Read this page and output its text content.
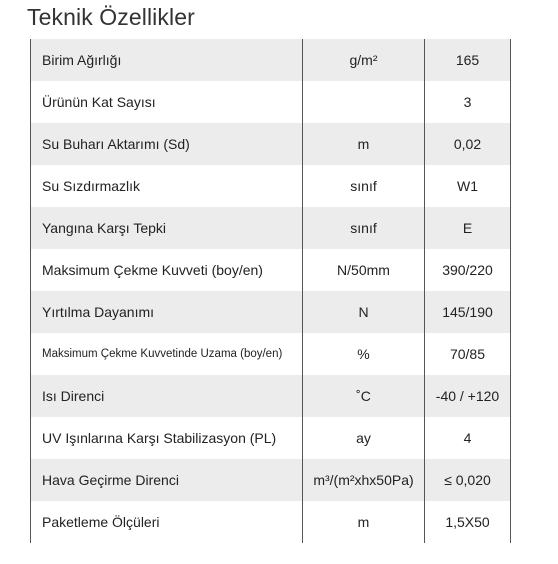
Teknik Özellikler
Birim Ağırlığı	g/m²	165
Ürünün Kat Sayısı		3
Su Buharı Aktarımı (Sd)	m	0,02
Su Sızdırmazlık	sınıf	W1
Yangına Karşı Tepki	sınıf	E
Maksimum Çekme Kuvveti (boy/en)	N/50mm	390/220
Yırtılma Dayanımı	N	145/190
Maksimum Çekme Kuvvetinde Uzama (boy/en)	%	70/85
Isı Direnci	˚C	-40 / +120
UV Işınlarına Karşı Stabilizasyon (PL)	ay	4
Hava Geçirme Direnci	m³/(m²xhx50Pa)	≤ 0,020
Paketleme Ölçüleri	m	1,5X50
